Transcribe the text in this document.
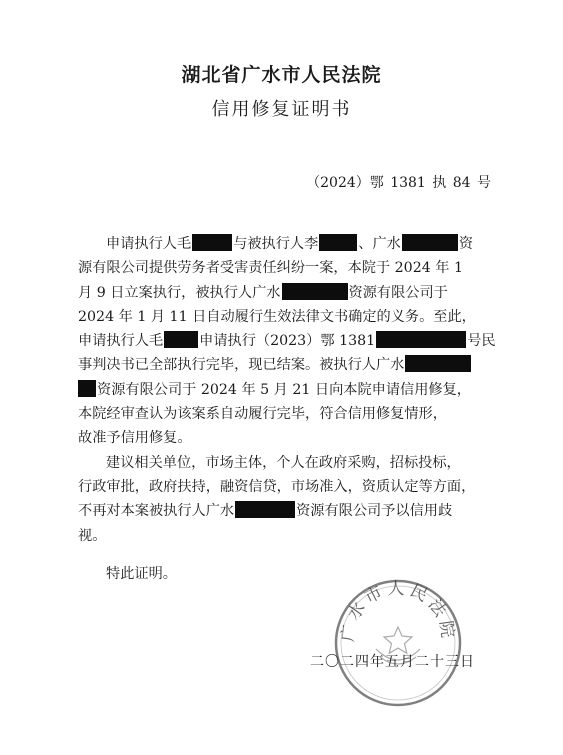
湖北省广水市人民法院
信用修复证明书
（2024）鄂 1381 执 84 号

申请执行人毛	与被执行人李	、广水	资

源有限公司提供劳务者受害责任纠纷一案，本院于 2024 年 1

月 9 日立案执行，被执行人广水	资源有限公司于

2024 年 1 月 11 日自动履行生效法律文书确定的义务。至此，

申请执行人毛	申请执行（2023）鄂 1381	号民

事判决书已全部执行完毕，现已结案。被执行人广水

资源有限公司于 2024 年 5 月 21 日向本院申请信用修复，

本院经审查认为该案系自动履行完毕，符合信用修复情形，

故准予信用修复。

建议相关单位，市场主体，个人在政府采购，招标投标，

行政审批，政府扶持，融资信贷，市场准入，资质认定等方面，

不再对本案被执行人广水	资源有限公司予以信用歧

视。

特此证明。
广水市人民法院
二〇二四年五月二十三日
